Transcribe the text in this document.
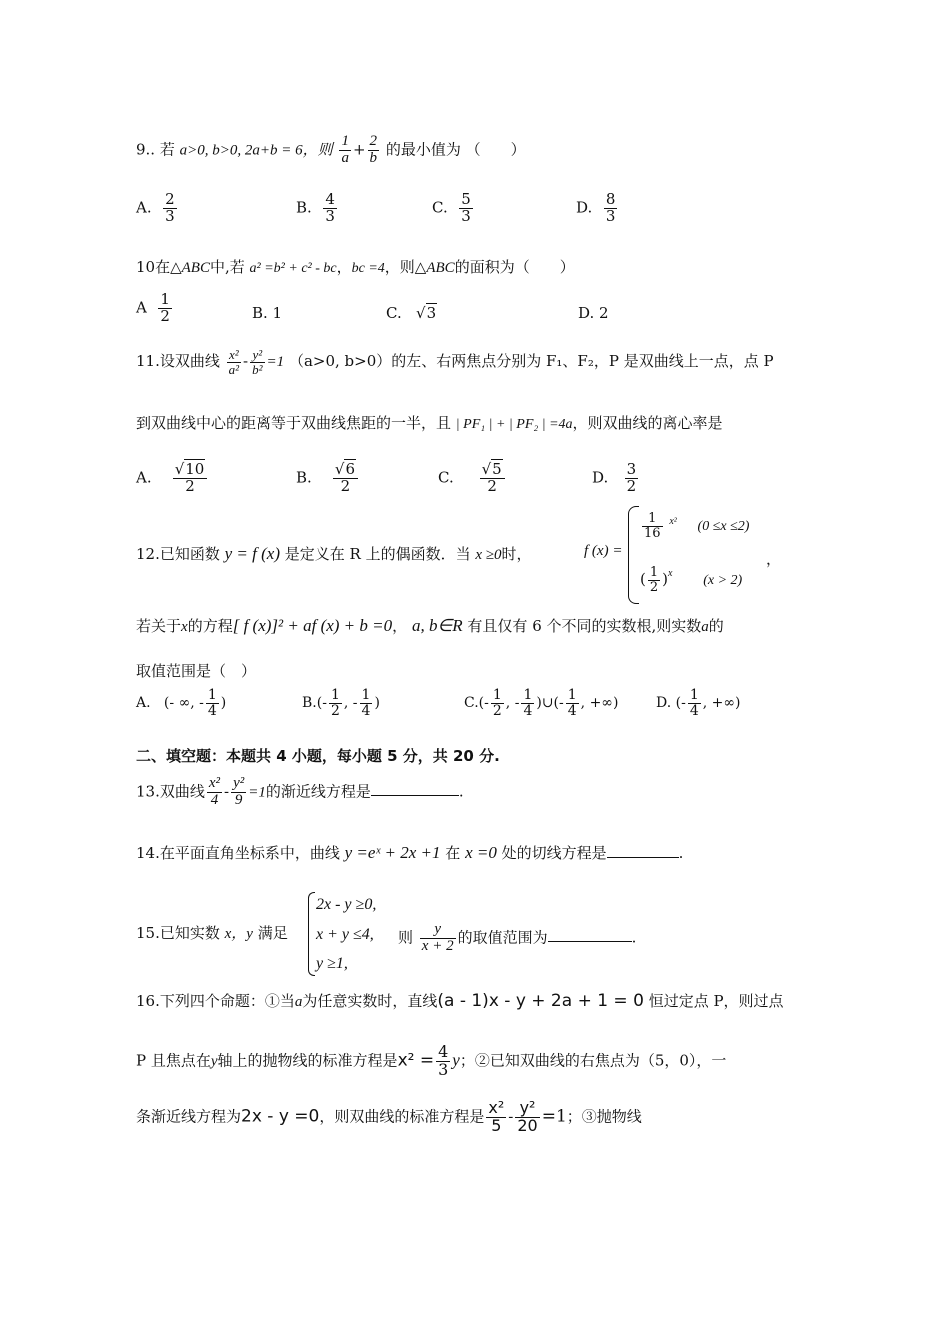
9.. 若 a>0, b>0, 2a+b = 6，则 $\frac{1}{a} + \frac{2}{b}$ 的最小值为 （　　）
A. $\frac{2}{3}$	B. $\frac{4}{3}$	C. $\frac{5}{3}$	D. $\frac{8}{3}$
10在△ABC中,若 a² =b² + c² - bc，bc =4，则△ABC的面积为（　　）
A $\frac{1}{2}$	B. 1	C.   √3	D. 2
11.设双曲线 $\frac{\text{x²}}{\text{a²}} - \frac{\text{y²}}{\text{b²}} =1$ （a>0, b>0）的左、右两焦点分别为 F₁、F₂，P 是双曲线上一点，点 P
到双曲线中心的距离等于双曲线焦距的一半，且 | PF₁ | + | PF₂ | =4a，则双曲线的离心率是
A. $\frac{√10}{2}$	B. $\frac{√6}{2}$	C. $\frac{√5}{2}$	D. $\frac{3}{2}$
12.已知函数 y = f (x) 是定义在 R 上的偶函数．当 x ≥0时，	f (x) =
$\frac{1}{16} ^{x^2}$ (0 ≤x ≤2)
( $\frac{1}{2} )^x$ (x > 2)
，
若关于x的方程[ f (x)]² + af (x) + b =0， a, b∈R 有且仅有 6 个不同的实数根,则实数a的
取值范围是（　）
A. (- ∞, - $\frac{1}{4}$ )	$B.(- \frac{1}{2}$ , - $\frac{1}{4}$ )	$C.(- \frac{1}{2}$ , - $\frac{1}{4}$ )∪(- $\frac{1}{4}$ , +∞)	D. (- $\frac{1}{4}$ , +∞)
二、填空题：本题共 4 小题，每小题 5 分，共 20 分.
13.双曲线 $\frac{\text{x²}}{4} - \frac{\text{y²}}{9} =1$的渐近线方程是	.
14.在平面直角坐标系中，曲线 y =eˣ + 2x +1 在 x =0 处的切线方程是	.
15.已知实数 x，y 满足
2x - y ≥0,
x + y ≤4,
y ≥1,
则 $\frac{y}{x + 2}$ 的取值范围为	.
16.下列四个命题：①当a为任意实数时，直线(a - 1)x - y + 2a + 1 = 0 恒过定点 P，则过点
P 且焦点在y轴上的抛物线的标准方程是$x^2 = \frac{4}{3}$ y；②已知双曲线的右焦点为（5，0），一
条渐近线方程为2x - y =0，则双曲线的标准方程是 $\frac{\text{x²}}{5} - \frac{\text{y²}}{20} =1$；③抛物线
